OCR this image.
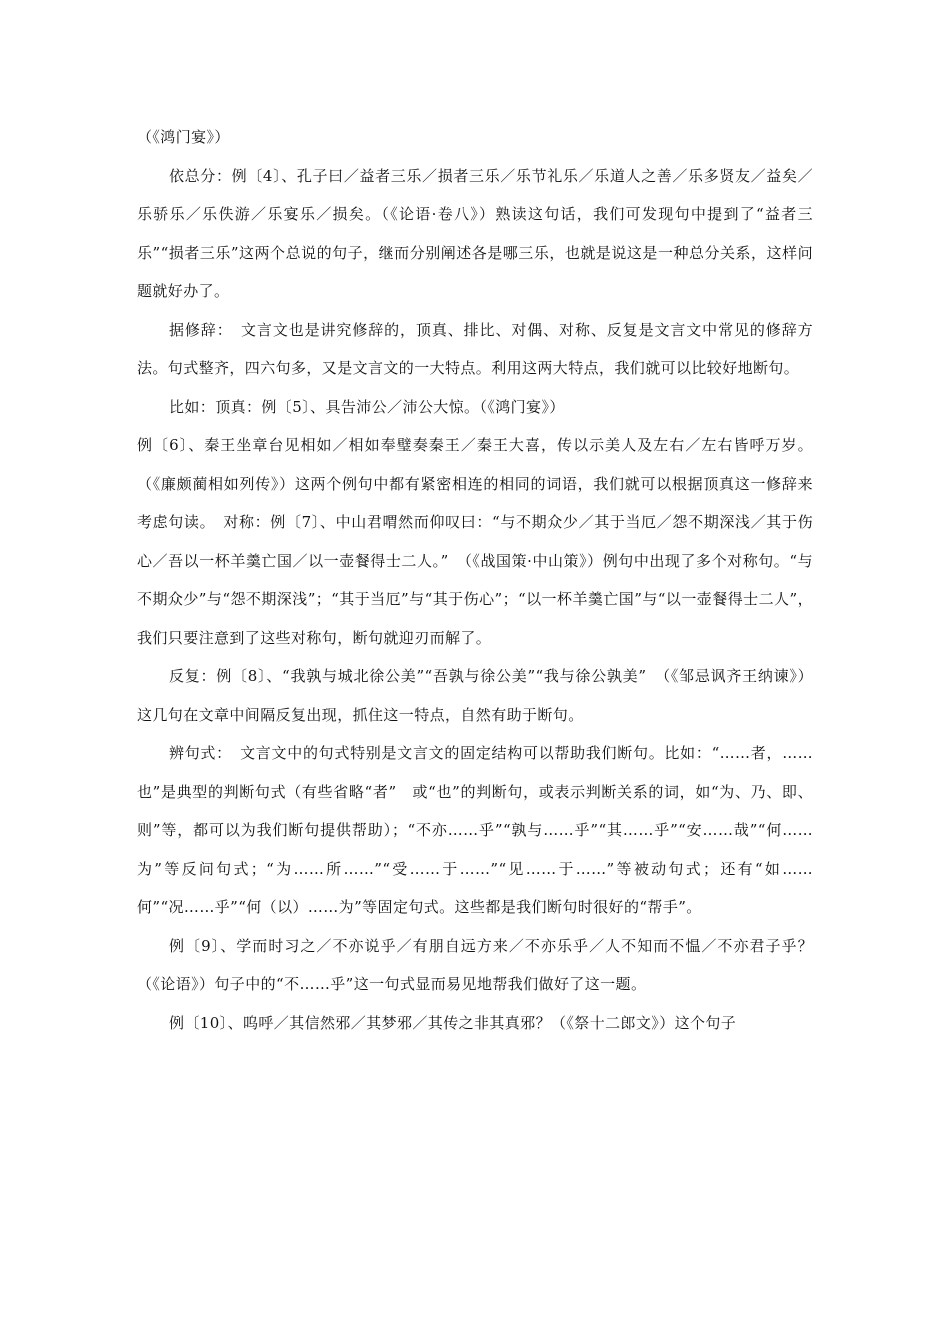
（《鸿门宴》）

依总分：例〔4〕、孔子曰／益者三乐／损者三乐／乐节礼乐／乐道人之善／乐多贤友／益矣／乐骄乐／乐佚游／乐宴乐／损矣。（《论语·卷八》）熟读这句话，我们可发现句中提到了“益者三乐”“损者三乐”这两个总说的句子，继而分别阐述各是哪三乐，也就是说这是一种总分关系，这样问题就好办了。

据修辞：　文言文也是讲究修辞的，顶真、排比、对偶、对称、反复是文言文中常见的修辞方法。句式整齐，四六句多，又是文言文的一大特点。利用这两大特点，我们就可以比较好地断句。

比如：顶真：例〔5〕、具告沛公／沛公大惊。（《鸿门宴》）

例〔6〕、秦王坐章台见相如／相如奉璧奏秦王／秦王大喜，传以示美人及左右／左右皆呼万岁。（《廉颇蔺相如列传》）这两个例句中都有紧密相连的相同的词语，我们就可以根据顶真这一修辞来考虑句读。　对称：例〔7〕、中山君喟然而仰叹曰：“与不期众少／其于当厄／怨不期深浅／其于伤心／吾以一杯羊羹亡国／以一壶餐得士二人。”　（《战国策·中山策》）例句中出现了多个对称句。“与不期众少”与“怨不期深浅”；“其于当厄”与“其于伤心”；“以一杯羊羹亡国”与“以一壶餐得士二人”，我们只要注意到了这些对称句，断句就迎刃而解了。

反复：例〔8〕、“我孰与城北徐公美”“吾孰与徐公美”“我与徐公孰美”　（《邹忌讽齐王纳谏》）这几句在文章中间隔反复出现，抓住这一特点，自然有助于断句。

辨句式：　文言文中的句式特别是文言文的固定结构可以帮助我们断句。比如：“……者，……也”是典型的判断句式（有些省略“者”　或“也”的判断句，或表示判断关系的词，如“为、乃、即、则”等，都可以为我们断句提供帮助）；“不亦……乎”“孰与……乎”“其……乎”“安……哉”“何……为”等反问句式；“为……所……”“受……于……”“见……于……”等被动句式；还有“如……何”“况……乎”“何（以）……为”等固定句式。这些都是我们断句时很好的“帮手”。

例〔9〕、学而时习之／不亦说乎／有朋自远方来／不亦乐乎／人不知而不愠／不亦君子乎？（《论语》）句子中的“不……乎”这一句式显而易见地帮我们做好了这一题。

例〔10〕、呜呼／其信然邪／其梦邪／其传之非其真邪？（《祭十二郎文》）这个句子
